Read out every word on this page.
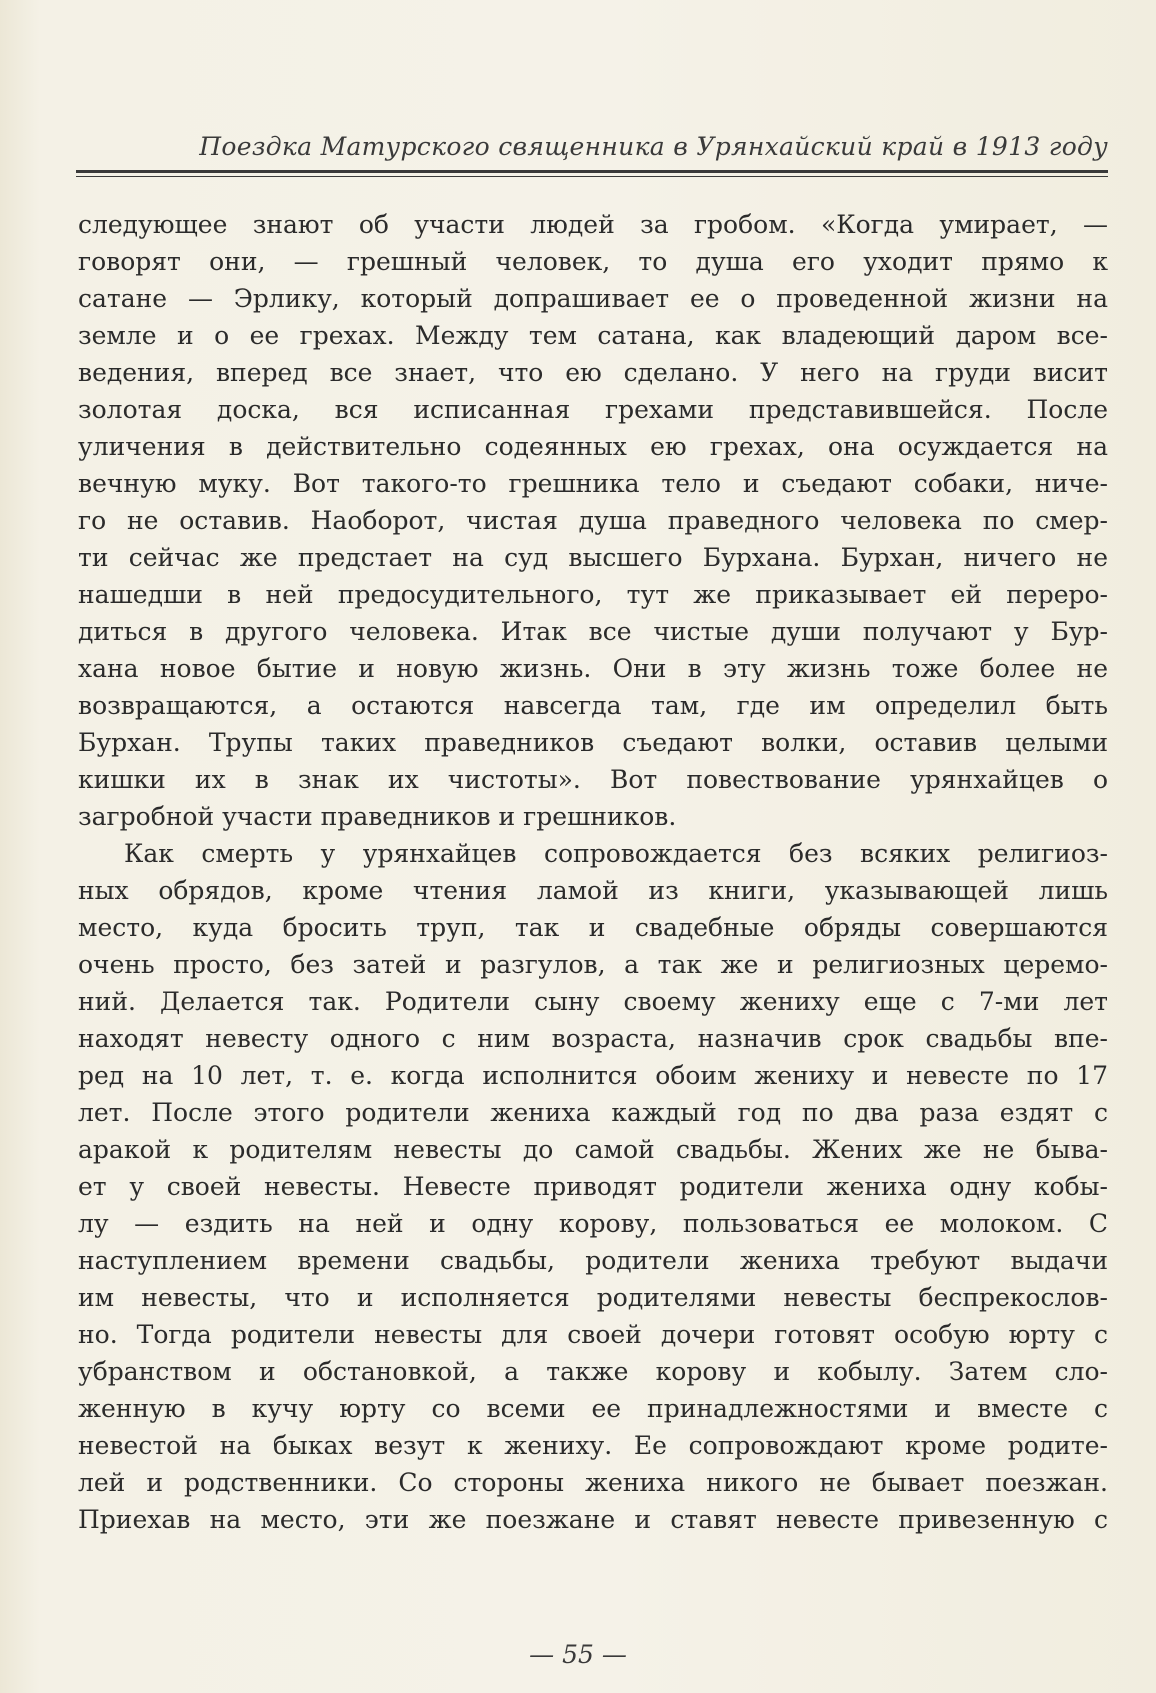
Поездка Матурского священника в Урянхайский край в 1913 году
следующее знают об участи людей за гробом. «Когда умирает, —
говорят они, — грешный человек, то душа его уходит прямо к
сатане — Эрлику, который допрашивает ее о проведенной жизни на
земле и о ее грехах. Между тем сатана, как владеющий даром все-
ведения, вперед все знает, что ею сделано. У него на груди висит
золотая доска, вся исписанная грехами представившейся. После
уличения в действительно содеянных ею грехах, она осуждается на
вечную муку. Вот такого-то грешника тело и съедают собаки, ниче-
го не оставив. Наоборот, чистая душа праведного человека по смер-
ти сейчас же предстает на суд высшего Бурхана. Бурхан, ничего не
нашедши в ней предосудительного, тут же приказывает ей переро-
диться в другого человека. Итак все чистые души получают у Бур-
хана новое бытие и новую жизнь. Они в эту жизнь тоже более не
возвращаются, а остаются навсегда там, где им определил быть
Бурхан. Трупы таких праведников съедают волки, оставив целыми
кишки их в знак их чистоты». Вот повествование урянхайцев о
загробной участи праведников и грешников.
Как смерть у урянхайцев сопровождается без всяких религиоз-
ных обрядов, кроме чтения ламой из книги, указывающей лишь
место, куда бросить труп, так и свадебные обряды совершаются
очень просто, без затей и разгулов, а так же и религиозных церемо-
ний. Делается так. Родители сыну своему жениху еще с 7-ми лет
находят невесту одного с ним возраста, назначив срок свадьбы впе-
ред на 10 лет, т. е. когда исполнится обоим жениху и невесте по 17
лет. После этого родители жениха каждый год по два раза ездят с
аракой к родителям невесты до самой свадьбы. Жених же не быва-
ет у своей невесты. Невесте приводят родители жениха одну кобы-
лу — ездить на ней и одну корову, пользоваться ее молоком. С
наступлением времени свадьбы, родители жениха требуют выдачи
им невесты, что и исполняется родителями невесты беспрекослов-
но. Тогда родители невесты для своей дочери готовят особую юрту с
убранством и обстановкой, а также корову и кобылу. Затем сло-
женную в кучу юрту со всеми ее принадлежностями и вместе с
невестой на быках везут к жениху. Ее сопровождают кроме родите-
лей и родственники. Со стороны жениха никого не бывает поезжан.
Приехав на место, эти же поезжане и ставят невесте привезенную с
— 55 —
